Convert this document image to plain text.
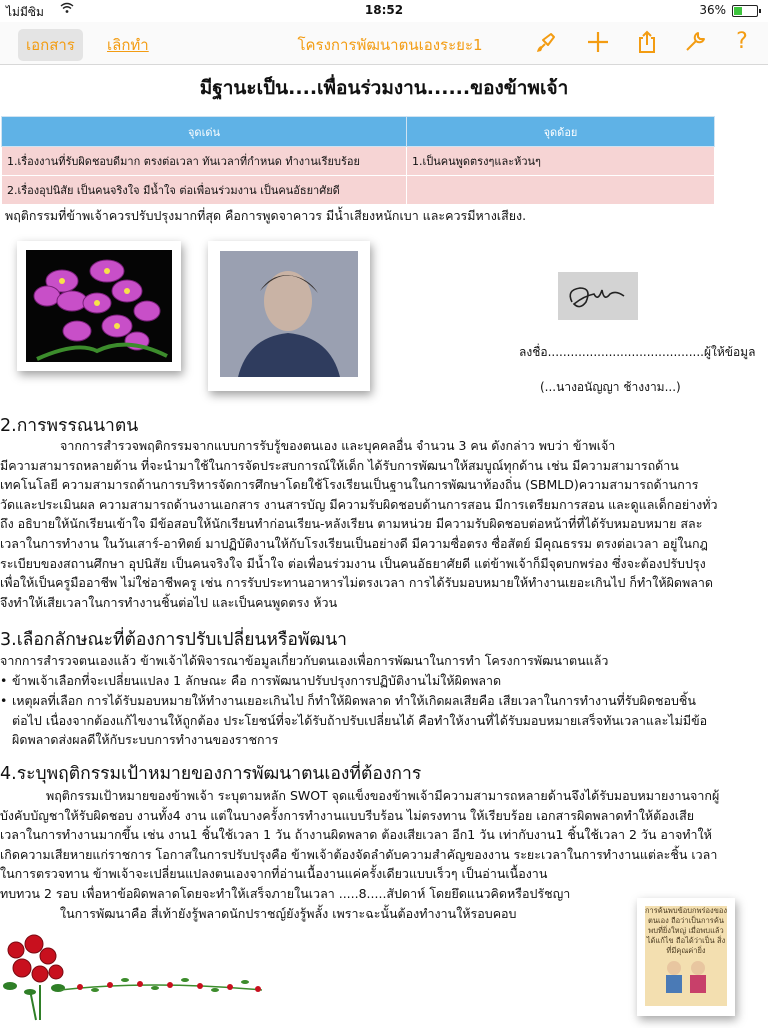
ไม่มีซิม	18:52	36%
เอกสาร	เลิกทำ	โครงการพัฒนาตนเองระยะ1	?
มีฐานะเป็น....เพื่อนร่วมงาน......ของข้าพเจ้า
จุดเด่น	จุดด้อย
1.เรื่องงานที่รับผิดชอบดีมาก ตรงต่อเวลา ทันเวลาที่กำหนด ทำงานเรียบร้อย	1.เป็นคนพูดตรงๆและห้วนๆ
2.เรื่องอุปนิสัย เป็นคนจริงใจ มีน้ำใจ ต่อเพื่อนร่วมงาน เป็นคนอัธยาศัยดี	
พฤติกรรมที่ข้าพเจ้าควรปรับปรุงมากที่สุด คือการพูดจาคาวร มีน้ำเสียงหนักเบา และควรมีหางเสียง.
ลงชื่อ.........................................ผู้ให้ข้อมูล
(...นางอนัญญา ช้างงาม...)
2.การพรรณนาตน
จากการสำรวจพฤติกรรมจากแบบการรับรู้ของตนเอง และบุคคลอื่น จำนวน 3 คน ดังกล่าว พบว่า ข้าพเจ้า
มีความสามารถหลายด้าน ที่จะนำมาใช้ในการจัดประสบการณ์ให้เด็ก ได้รับการพัฒนาให้สมบูณ์ทุกด้าน เช่น มีความสามารถด้าน
เทคโนโลยี ความสามารถด้านการบริหารจัดการศึกษาโดยใช้โรงเรียนเป็นฐานในการพัฒนาท้องถิ่น (SBMLD)ความสามารถด้านการ
วัดและประเมินผล ความสามารถด้านงานเอกสาร งานสารบัญ มีความรับผิดชอบด้านการสอน มีการเตรียมการสอน และดูแลเด็กอย่างทั่ว
ถึง อธิบายให้นักเรียนเข้าใจ มีข้อสอบให้นักเรียนทำก่อนเรียน-หลังเรียน ตามหน่วย มีความรับผิดชอบต่อหน้าที่ที่ได้รับหมอบหมาย สละ
เวลาในการทำงาน ในวันเสาร์-อาทิตย์ มาปฏิบัติงานให้กับโรงเรียนเป็นอย่างดี มีความซื่อตรง ซื่อสัตย์ มีคุณธรรม ตรงต่อเวลา อยู่ในกฎ
ระเบียบของสถานศึกษา อุปนิสัย เป็นคนจริงใจ มีน้ำใจ ต่อเพื่อนร่วมงาน เป็นคนอัธยาศัยดี แต่ข้าพเจ้าก็มีจุดบกพร่อง ซึ่งจะต้องปรับปรุง
เพื่อให้เป็นครูมืออาชีพ ไม่ใช่อาชีพครู เช่น การรับประทานอาหารไม่ตรงเวลา การได้รับมอบหมายให้ทำงานเยอะเกินไป ก็ทำให้ผิดพลาด
จึงทำให้เสียเวลาในการทำงานชิ้นต่อไป และเป็นคนพูดตรง ห้วน
3.เลือกลักษณะที่ต้องการปรับเปลี่ยนหรือพัฒนา
จากการสำรวจตนเองแล้ว ข้าพเจ้าได้พิจารณาข้อมูลเกี่ยวกับตนเองเพื่อการพัฒนาในการทำ โครงการพัฒนาตนแล้ว
• ข้าพเจ้าเลือกที่จะเปลี่ยนแปลง 1 ลักษณะ คือ การพัฒนาปรับปรุงการปฏิบัติงานไม่ให้ผิดพลาด
• เหตุผลที่เลือก การได้รับมอบหมายให้ทำงานเยอะเกินไป ก็ทำให้ผิดพลาด ทำให้เกิดผลเสียคือ เสียเวลาในการทำงานที่รับผิดชอบชิ้น
ต่อไป เนื่องจากต้องแก้ไขงานให้ถูกต้อง ประโยชน์ที่จะได้รับถ้าปรับเปลี่ยนได้ คือทำให้งานที่ได้รับมอบหมายเสร็จทันเวลาและไม่มีข้อ
ผิดพลาดส่งผลดีให้กับระบบการทำงานของราชการ
4.ระบุพฤติกรรมเป้าหมายของการพัฒนาตนเองที่ต้องการ
พฤติกรรมเป้าหมายของข้าพเจ้า ระบุตามหลัก SWOT จุดแข็งของข้าพเจ้ามีความสามารถหลายด้านจึงได้รับมอบหมายงานจากผู้
บังคับบัญชาให้รับผิดชอบ งานทั้ง4 งาน แต่ในบางครั้งการทำงานแบบรีบร้อน ไม่ตรงทาน ให้เรียบร้อย เอกสารผิดพลาดทำให้ต้องเสีย
เวลาในการทำงานมากขึ้น เช่น งาน1 ชิ้นใช้เวลา 1 วัน ถ้างานผิดพลาด ต้องเสียเวลา อีก1 วัน เท่ากับงาน1 ชิ้นใช้เวลา 2 วัน อาจทำให้
เกิดความเสียหายแก่ราชการ โอกาสในการปรับปรุงคือ ข้าพเจ้าต้องจัดลำดับความสำคัญของงาน ระยะเวลาในการทำงานแต่ละชิ้น เวลา
ในการตรวจทาน ข้าพเจ้าจะเปลี่ยนแปลงตนเองจากที่อ่านเนื้องานแค่ครั้งเดียวแบบเร็วๆ เป็นอ่านเนื้องาน
ทบทวน 2 รอบ เพื่อหาข้อผิดพลาดโดยจะทำให้เสร็จภายในเวลา .....8.....สัปดาห์ โดยยึดแนวคิดหรือปรัชญา
ในการพัฒนาคือ สี่เท้ายังรู้พลาดนักปราชญ์ยังรู้พลั้ง เพราะฉะนั้นต้องทำงานให้รอบคอบ	การค้นพบข้อบกพร่องของตนเอง ถือว่าเป็นการค้นพบที่ยิ่งใหญ่ เมื่อพบแล้วได้แก้ไข ถือได้ว่าเป็น สิ่งที่มีคุณค่ายิ่ง
